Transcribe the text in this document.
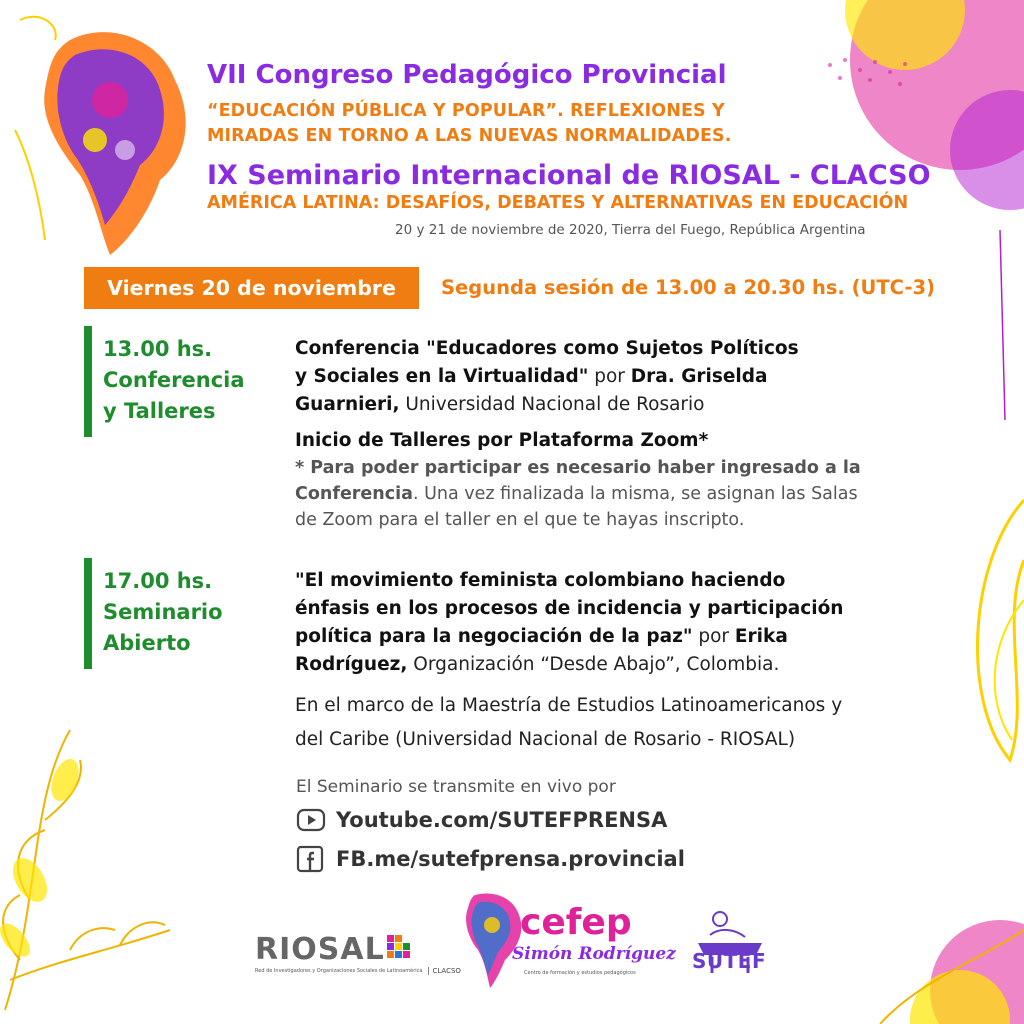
VII Congreso Pedagógico Provincial
“EDUCACIÓN PÚBLICA Y POPULAR”. REFLEXIONES Y
MIRADAS EN TORNO A LAS NUEVAS NORMALIDADES.
IX Seminario Internacional de RIOSAL - CLACSO
AMÉRICA LATINA: DESAFÍOS, DEBATES Y ALTERNATIVAS EN EDUCACIÓN
20 y 21 de noviembre de 2020, Tierra del Fuego, República Argentina
Viernes 20 de noviembre	Segunda sesión de 13.00 a 20.30 hs. (UTC-3)
13.00 hs.
Conferencia
y Talleres
Conferencia "Educadores como Sujetos Políticos
y Sociales en la Virtualidad" por Dra. Griselda
Guarnieri, Universidad Nacional de Rosario
Inicio de Talleres por Plataforma Zoom*
* Para poder participar es necesario haber ingresado a la
Conferencia. Una vez finalizada la misma, se asignan las Salas
de Zoom para el taller en el que te hayas inscripto.
17.00 hs.
Seminario
Abierto
"El movimiento feminista colombiano haciendo
énfasis en los procesos de incidencia y participación
política para la negociación de la paz" por Erika
Rodríguez, Organización “Desde Abajo”, Colombia.
En el marco de la Maestría de Estudios Latinoamericanos y
del Caribe (Universidad Nacional de Rosario - RIOSAL)
El Seminario se transmite en vivo por
Youtube.com/SUTEFPRENSA
FB.me/sutefprensa.provincial
RIOSAL
Red de Investigadores y Organizaciones Sociales de Latinoamérica	CLACSO
cefep
Simón Rodríguez
Centro de formación y estudios pedagógicos	SUTEF
